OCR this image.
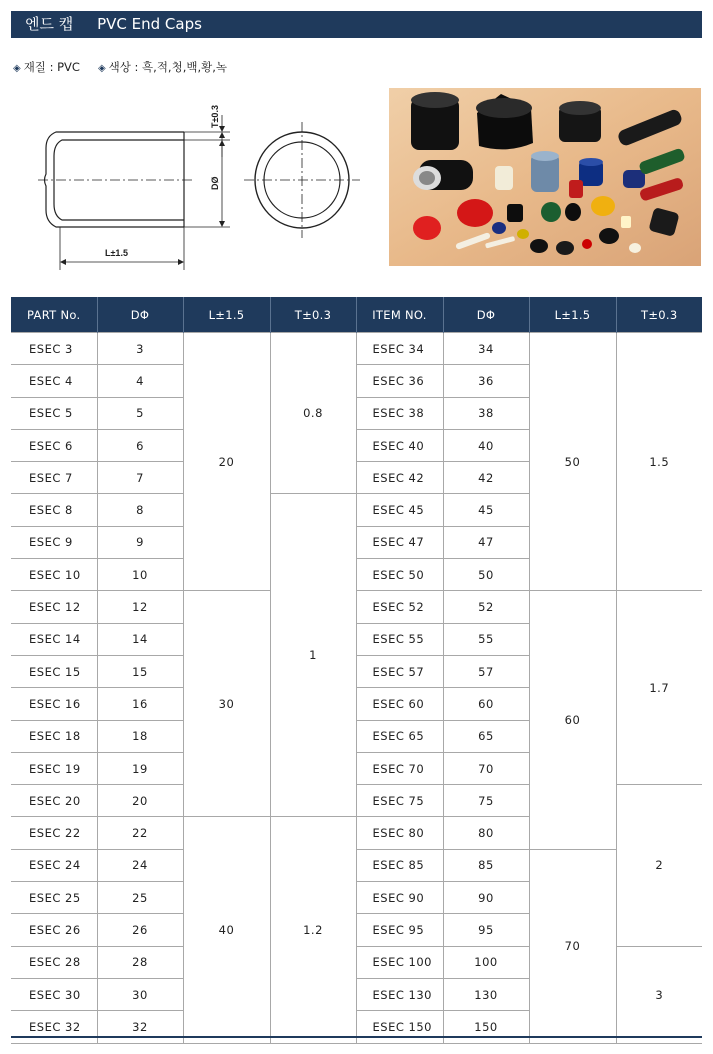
엔드 캡 PVC End Caps
◈ 재질 : PVC ◈ 색상 : 흑,적,청,백,황,녹
T±0.3
DØ
L±1.5
PART No.	DΦ	L±1.5	T±0.3	ITEM NO.	DΦ	L±1.5	T±0.3
ESEC 3	3	20	0.8	ESEC 34	34	50	1.5
ESEC 4	4			ESEC 36	36		
ESEC 5	5			ESEC 38	38		
ESEC 6	6			ESEC 40	40		
ESEC 7	7			ESEC 42	42		
ESEC 8	8		1	ESEC 45	45		
ESEC 9	9			ESEC 47	47		
ESEC 10	10			ESEC 50	50		
ESEC 12	12	30		ESEC 52	52	60	1.7
ESEC 14	14			ESEC 55	55		
ESEC 15	15			ESEC 57	57		
ESEC 16	16			ESEC 60	60		
ESEC 18	18			ESEC 65	65		
ESEC 19	19			ESEC 70	70		
ESEC 20	20			ESEC 75	75		2
ESEC 22	22	40	1.2	ESEC 80	80		
ESEC 24	24			ESEC 85	85	70	
ESEC 25	25			ESEC 90	90		
ESEC 26	26			ESEC 95	95		
ESEC 28	28			ESEC 100	100		3
ESEC 30	30			ESEC 130	130		
ESEC 32	32			ESEC 150	150		
